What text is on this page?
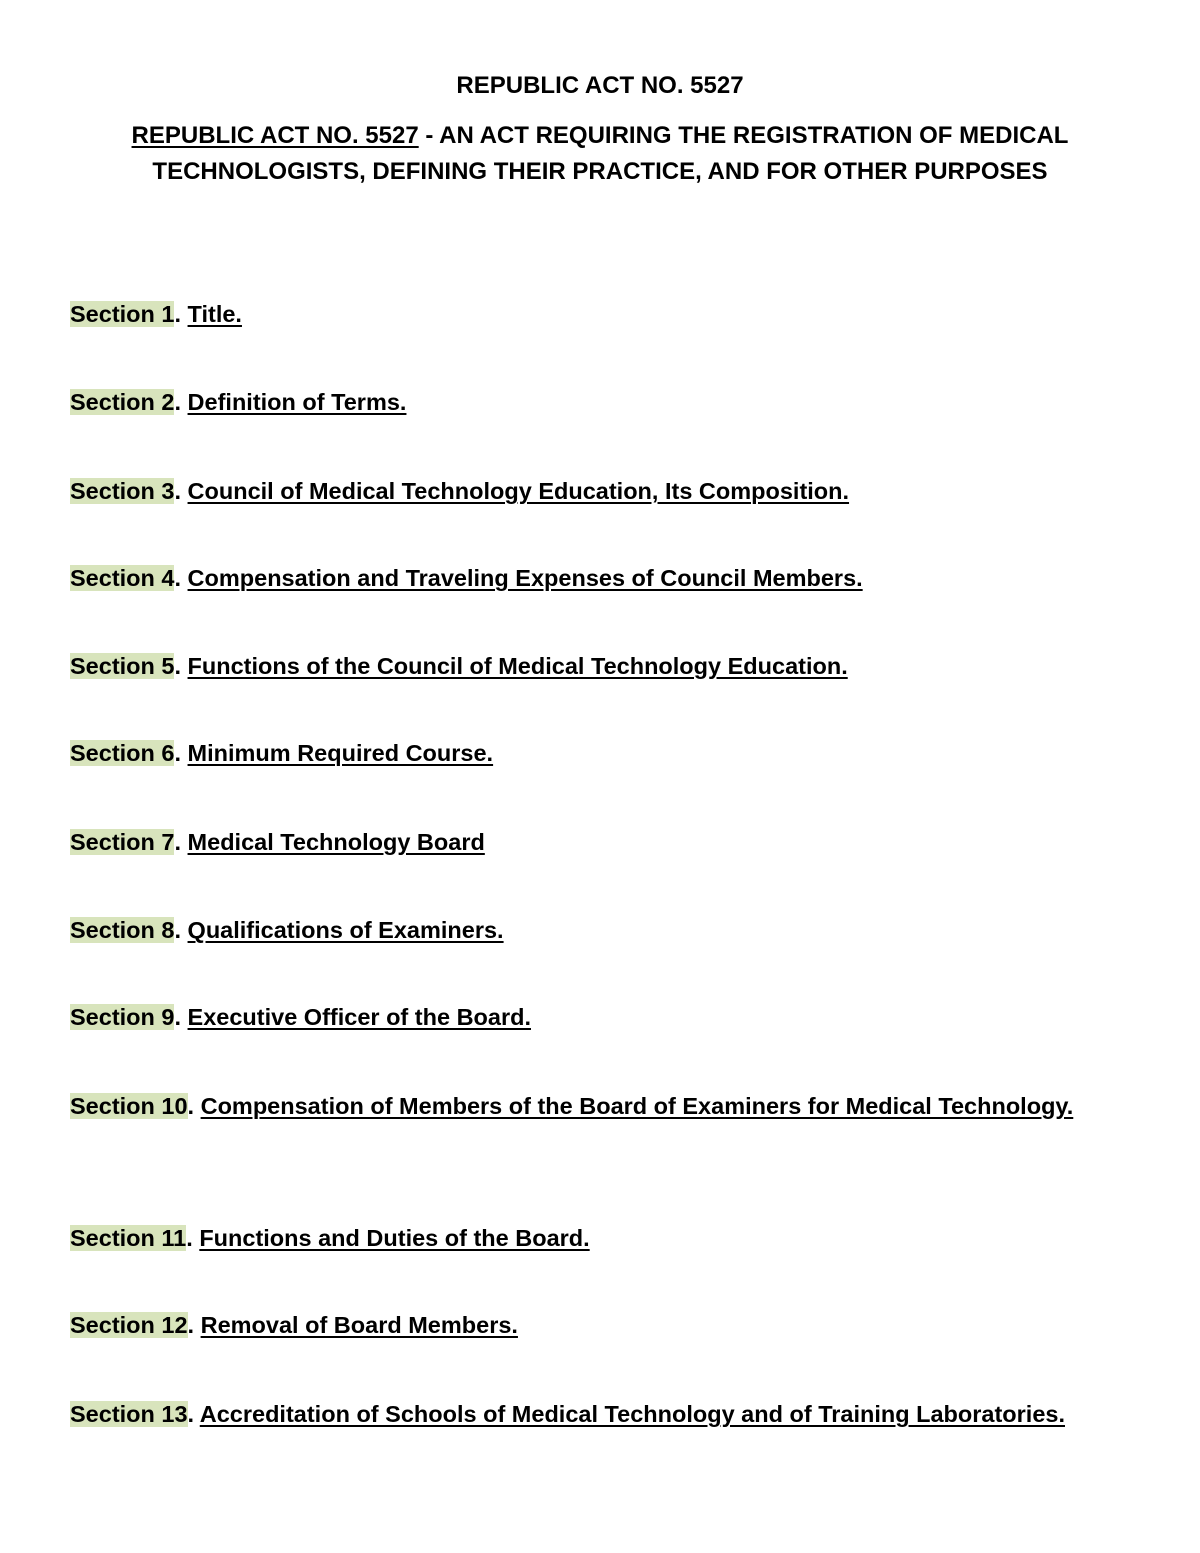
REPUBLIC ACT NO. 5527
REPUBLIC ACT NO. 5527 - AN ACT REQUIRING THE REGISTRATION OF MEDICAL TECHNOLOGISTS, DEFINING THEIR PRACTICE, AND FOR OTHER PURPOSES
Section 1. Title.
Section 2. Definition of Terms.
Section 3. Council of Medical Technology Education, Its Composition.
Section 4. Compensation and Traveling Expenses of Council Members.
Section 5. Functions of the Council of Medical Technology Education.
Section 6. Minimum Required Course.
Section 7. Medical Technology Board
Section 8. Qualifications of Examiners.
Section 9. Executive Officer of the Board.
Section 10. Compensation of Members of the Board of Examiners for Medical Technology.
Section 11. Functions and Duties of the Board.
Section 12. Removal of Board Members.
Section 13. Accreditation of Schools of Medical Technology and of Training Laboratories.
